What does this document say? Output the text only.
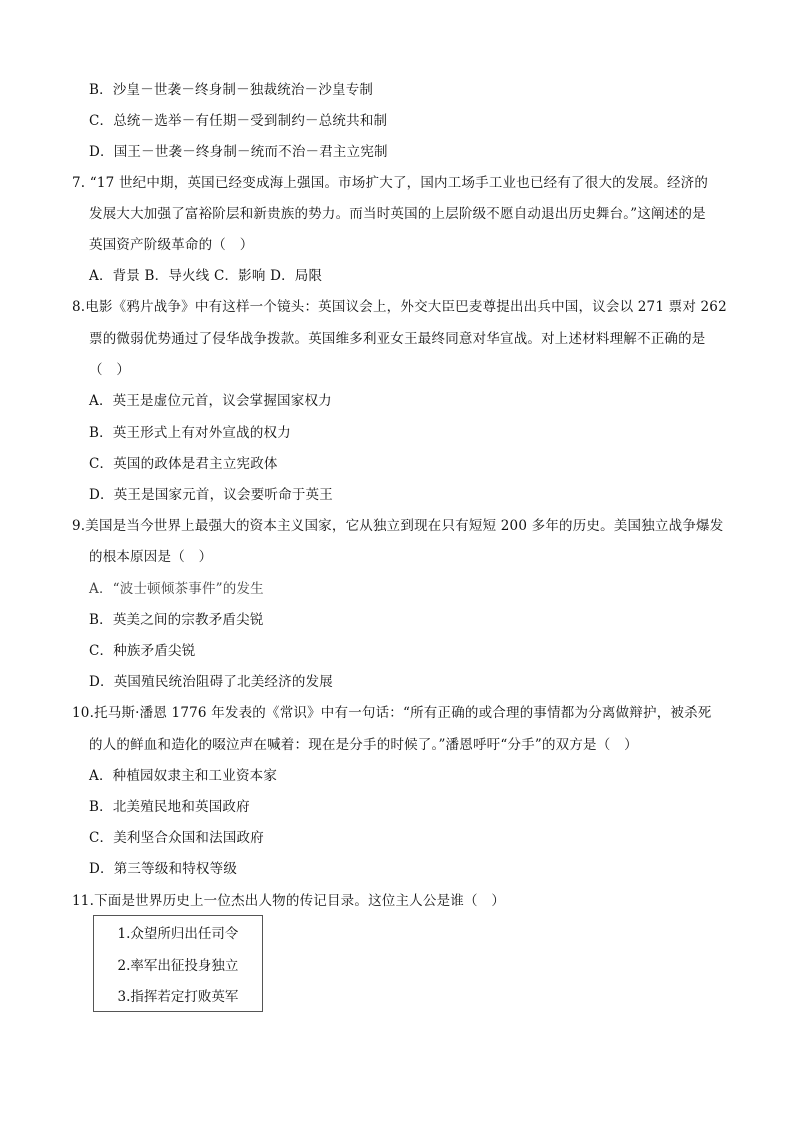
B．沙皇－世袭－终身制－独裁统治－沙皇专制
C．总统－选举－有任期－受到制约－总统共和制
D．国王－世袭－终身制－统而不治－君主立宪制
7. “17 世纪中期，英国已经变成海上强国。市场扩大了，国内工场手工业也已经有了很大的发展。经济的
发展大大加强了富裕阶层和新贵族的势力。而当时英国的上层阶级不愿自动退出历史舞台。”这阐述的是
英国资产阶级革命的（　）
A．背景 B．导火线 C．影响 D．局限
8.电影《鸦片战争》中有这样一个镜头：英国议会上，外交大臣巴麦尊提出出兵中国，议会以 271 票对 262
票的微弱优势通过了侵华战争拨款。英国维多利亚女王最终同意对华宣战。对上述材料理解不正确的是
（　）
A．英王是虚位元首，议会掌握国家权力
B．英王形式上有对外宣战的权力
C．英国的政体是君主立宪政体
D．英王是国家元首，议会要听命于英王
9.美国是当今世界上最强大的资本主义国家，它从独立到现在只有短短 200 多年的历史。美国独立战争爆发
的根本原因是（　）
A．“波士顿倾茶事件”的发生
B．英美之间的宗教矛盾尖锐
C．种族矛盾尖锐
D．英国殖民统治阻碍了北美经济的发展
10.托马斯·潘恩 1776 年发表的《常识》中有一句话：“所有正确的或合理的事情都为分离做辩护，被杀死
的人的鲜血和造化的啜泣声在喊着：现在是分手的时候了。”潘恩呼吁“分手”的双方是（　）
A．种植园奴隶主和工业资本家
B．北美殖民地和英国政府
C．美利坚合众国和法国政府
D．第三等级和特权等级
11.下面是世界历史上一位杰出人物的传记目录。这位主人公是谁（　）
1.众望所归出任司令
2.率军出征投身独立
3.指挥若定打败英军
